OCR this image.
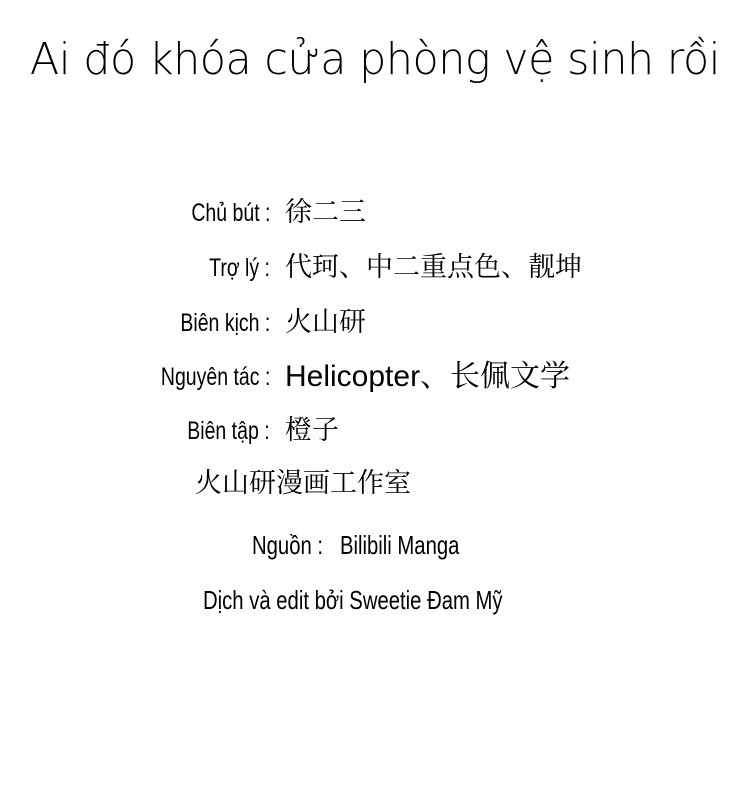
Ai đó khóa cửa phòng vệ sinh rồi
Chủ bút : 徐二三
Trợ lý : 代珂、中二重点色、靓坤
Biên kịch : 火山研
Nguyên tác : Helicopter、长佩文学
Biên tập : 橙子
火山研漫画工作室
Nguồn : Bilibili Manga
Dịch và edit bởi Sweetie Đam Mỹ
